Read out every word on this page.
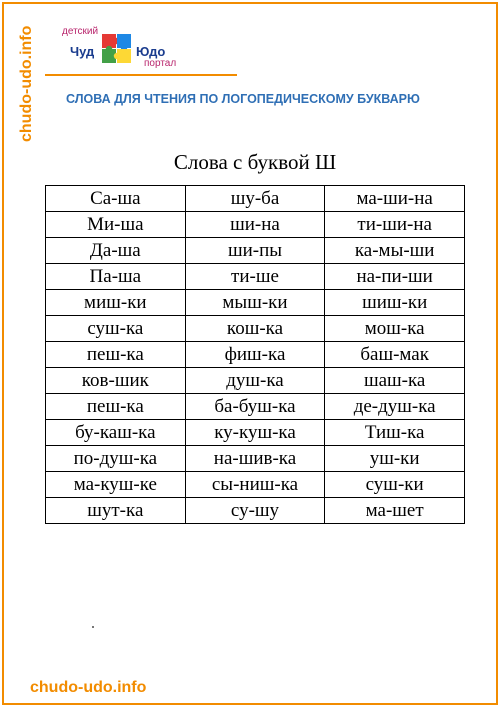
chudo-udo.info	детский
Чуд	Юдо
портал
СЛОВА ДЛЯ ЧТЕНИЯ ПО ЛОГОПЕДИЧЕСКОМУ БУКВАРЮ
Слова с буквой Ш
Са-ша	шу-ба	ма-ши-на
Ми-ша	ши-на	ти-ши-на
Да-ша	ши-пы	ка-мы-ши
Па-ша	ти-ше	на-пи-ши
миш-ки	мыш-ки	шиш-ки
суш-ка	кош-ка	мош-ка
пеш-ка	фиш-ка	баш-мак
ков-шик	душ-ка	шаш-ка
пеш-ка	ба-буш-ка	де-душ-ка
бу-каш-ка	ку-куш-ка	Тиш-ка
по-душ-ка	на-шив-ка	уш-ки
ма-куш-ке	сы-ниш-ка	суш-ки
шут-ка	су-шу	ма-шет
chudo-udo.info
